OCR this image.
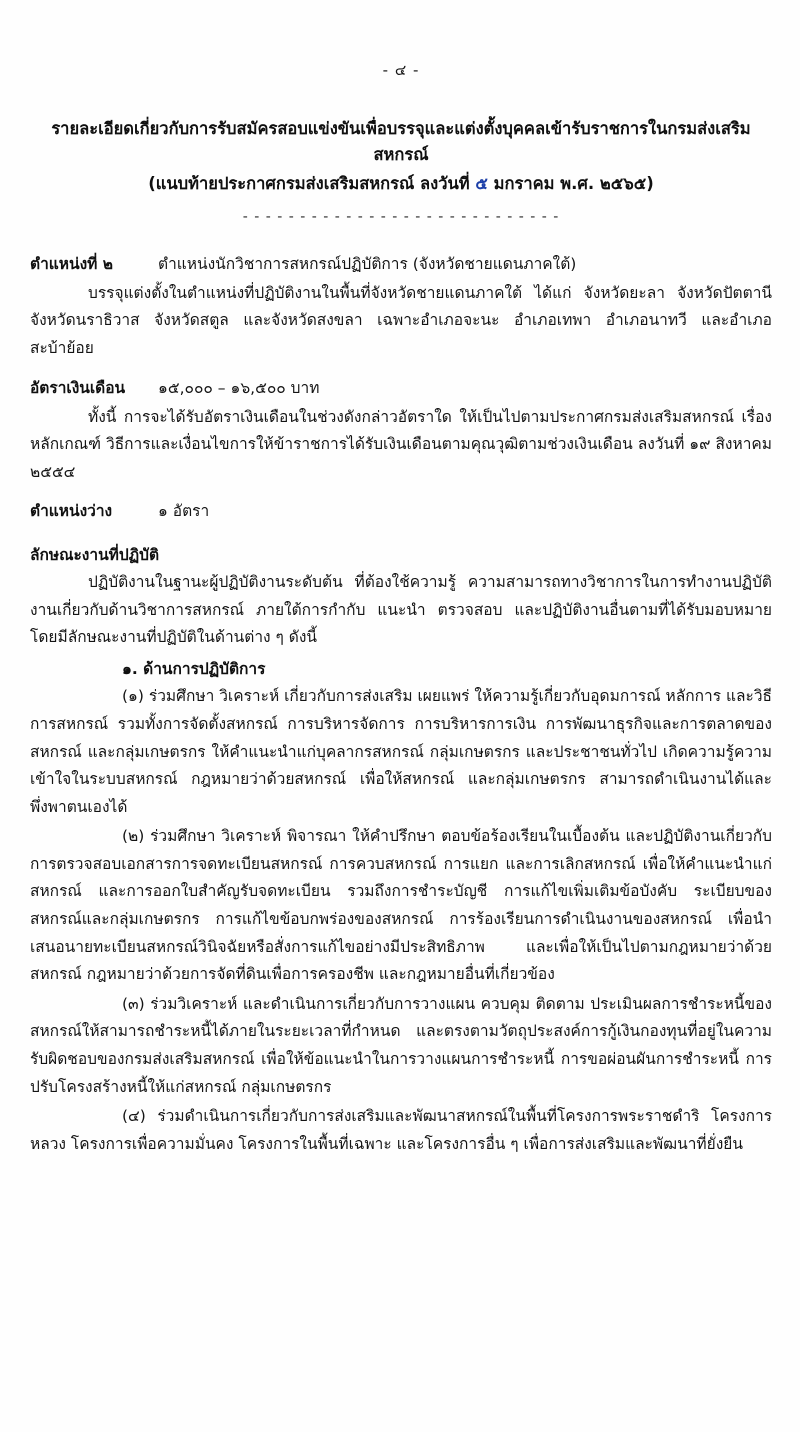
- ๔ -
รายละเอียดเกี่ยวกับการรับสมัครสอบแข่งขันเพื่อบรรจุและแต่งตั้งบุคคลเข้ารับราชการในกรมส่งเสริมสหกรณ์
(แนบท้ายประกาศกรมส่งเสริมสหกรณ์ ลงวันที่ ๕ มกราคม พ.ศ. ๒๕๖๕)
- - - - - - - - - - - - - - - - - - - - - - - - - - - -
ตำแหน่งที่ ๒	ตำแหน่งนักวิชาการสหกรณ์ปฏิบัติการ (จังหวัดชายแดนภาคใต้)

บรรจุแต่งตั้งในตำแหน่งที่ปฏิบัติงานในพื้นที่จังหวัดชายแดนภาคใต้ ได้แก่ จังหวัดยะลา จังหวัดปัตตานี จังหวัดนราธิวาส จังหวัดสตูล และจังหวัดสงขลา เฉพาะอำเภอจะนะ อำเภอเทพา อำเภอนาทวี และอำเภอสะบ้าย้อย

อัตราเงินเดือน	๑๕,๐๐๐ – ๑๖,๕๐๐ บาท

ทั้งนี้ การจะได้รับอัตราเงินเดือนในช่วงดังกล่าวอัตราใด ให้เป็นไปตามประกาศกรมส่งเสริมสหกรณ์ เรื่อง หลักเกณฑ์ วิธีการและเงื่อนไขการให้ข้าราชการได้รับเงินเดือนตามคุณวุฒิตามช่วงเงินเดือน ลงวันที่ ๑๙ สิงหาคม ๒๕๕๔

ตำแหน่งว่าง	๑ อัตรา
ลักษณะงานที่ปฏิบัติ

ปฏิบัติงานในฐานะผู้ปฏิบัติงานระดับต้น ที่ต้องใช้ความรู้ ความสามารถทางวิชาการในการทำงานปฏิบัติงานเกี่ยวกับด้านวิชาการสหกรณ์ ภายใต้การกำกับ แนะนำ ตรวจสอบ และปฏิบัติงานอื่นตามที่ได้รับมอบหมาย โดยมีลักษณะงานที่ปฏิบัติในด้านต่าง ๆ ดังนี้

๑. ด้านการปฏิบัติการ

(๑) ร่วมศึกษา วิเคราะห์ เกี่ยวกับการส่งเสริม เผยแพร่ ให้ความรู้เกี่ยวกับอุดมการณ์ หลักการ และวิธีการสหกรณ์ รวมทั้งการจัดตั้งสหกรณ์ การบริหารจัดการ การบริหารการเงิน การพัฒนาธุรกิจและการตลาดของสหกรณ์ และกลุ่มเกษตรกร ให้คำแนะนำแก่บุคลากรสหกรณ์ กลุ่มเกษตรกร และประชาชนทั่วไป เกิดความรู้ความเข้าใจในระบบสหกรณ์ กฎหมายว่าด้วยสหกรณ์ เพื่อให้สหกรณ์ และกลุ่มเกษตรกร สามารถดำเนินงานได้และพึ่งพาตนเองได้

(๒) ร่วมศึกษา วิเคราะห์ พิจารณา ให้คำปรึกษา ตอบข้อร้องเรียนในเบื้องต้น และปฏิบัติงานเกี่ยวกับการตรวจสอบเอกสารการจดทะเบียนสหกรณ์ การควบสหกรณ์ การแยก และการเลิกสหกรณ์ เพื่อให้คำแนะนำแก่สหกรณ์ และการออกใบสำคัญรับจดทะเบียน รวมถึงการชำระบัญชี การแก้ไขเพิ่มเติมข้อบังคับ ระเบียบของสหกรณ์และกลุ่มเกษตรกร การแก้ไขข้อบกพร่องของสหกรณ์ การร้องเรียนการดำเนินงานของสหกรณ์ เพื่อนำเสนอนายทะเบียนสหกรณ์วินิจฉัยหรือสั่งการแก้ไขอย่างมีประสิทธิภาพ และเพื่อให้เป็นไปตามกฎหมายว่าด้วยสหกรณ์ กฎหมายว่าด้วยการจัดที่ดินเพื่อการครองชีพ และกฎหมายอื่นที่เกี่ยวข้อง

(๓) ร่วมวิเคราะห์ และดำเนินการเกี่ยวกับการวางแผน ควบคุม ติดตาม ประเมินผลการชำระหนี้ของสหกรณ์ให้สามารถชำระหนี้ได้ภายในระยะเวลาที่กำหนด และตรงตามวัตถุประสงค์การกู้เงินกองทุนที่อยู่ในความรับผิดชอบของกรมส่งเสริมสหกรณ์ เพื่อให้ข้อแนะนำในการวางแผนการชำระหนี้ การขอผ่อนผันการชำระหนี้ การปรับโครงสร้างหนี้ให้แก่สหกรณ์ กลุ่มเกษตรกร

(๔) ร่วมดำเนินการเกี่ยวกับการส่งเสริมและพัฒนาสหกรณ์ในพื้นที่โครงการพระราชดำริ โครงการหลวง โครงการเพื่อความมั่นคง โครงการในพื้นที่เฉพาะ และโครงการอื่น ๆ เพื่อการส่งเสริมและพัฒนาที่ยั่งยืน
